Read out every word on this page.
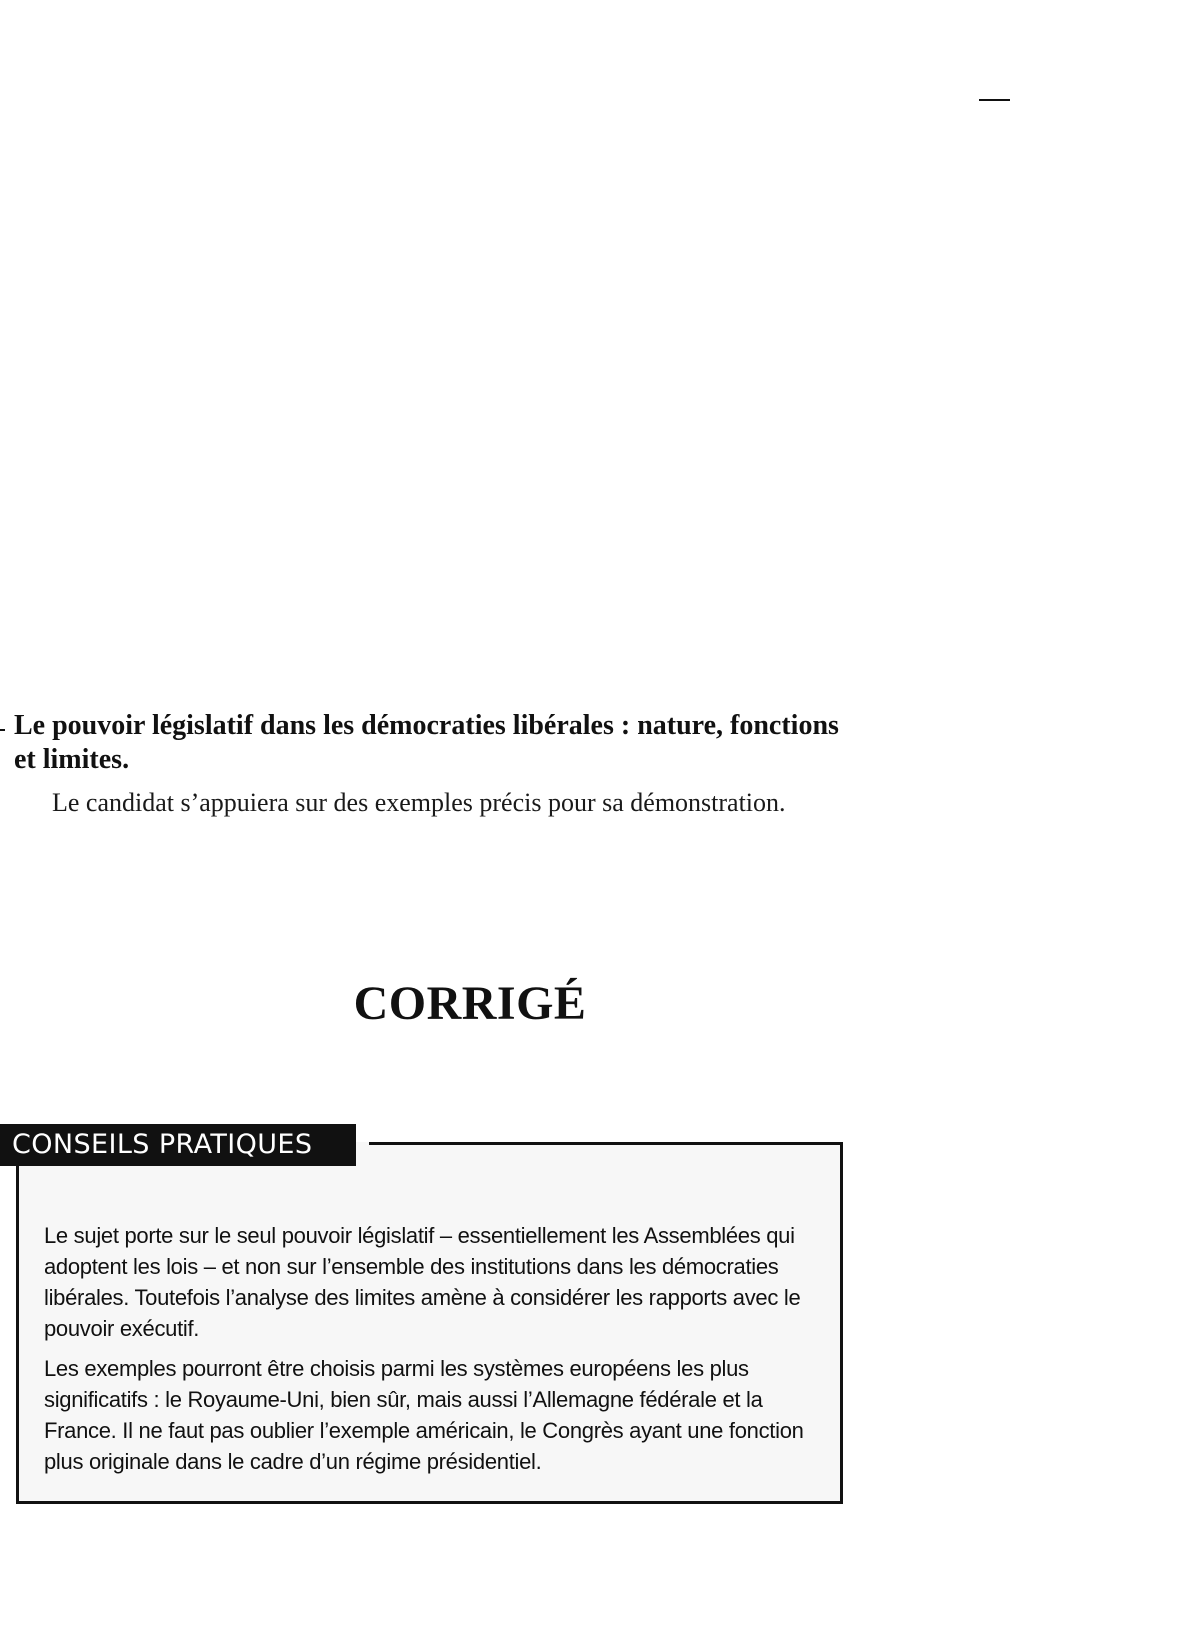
Le pouvoir législatif dans les démocraties libérales : nature, fonctions et limites.

Le candidat s’appuiera sur des exemples précis pour sa démonstration.

CORRIGÉ
CONSEILS PRATIQUES

Le sujet porte sur le seul pouvoir législatif – essentiellement les Assemblées qui adoptent les lois – et non sur l’ensemble des institutions dans les démocraties libérales. Toutefois l’analyse des limites amène à considérer les rapports avec le pouvoir exécutif.

Les exemples pourront être choisis parmi les systèmes européens les plus significatifs : le Royaume-Uni, bien sûr, mais aussi l’Allemagne fédérale et la France. Il ne faut pas oublier l’exemple américain, le Congrès ayant une fonction plus originale dans le cadre d’un régime présidentiel.
